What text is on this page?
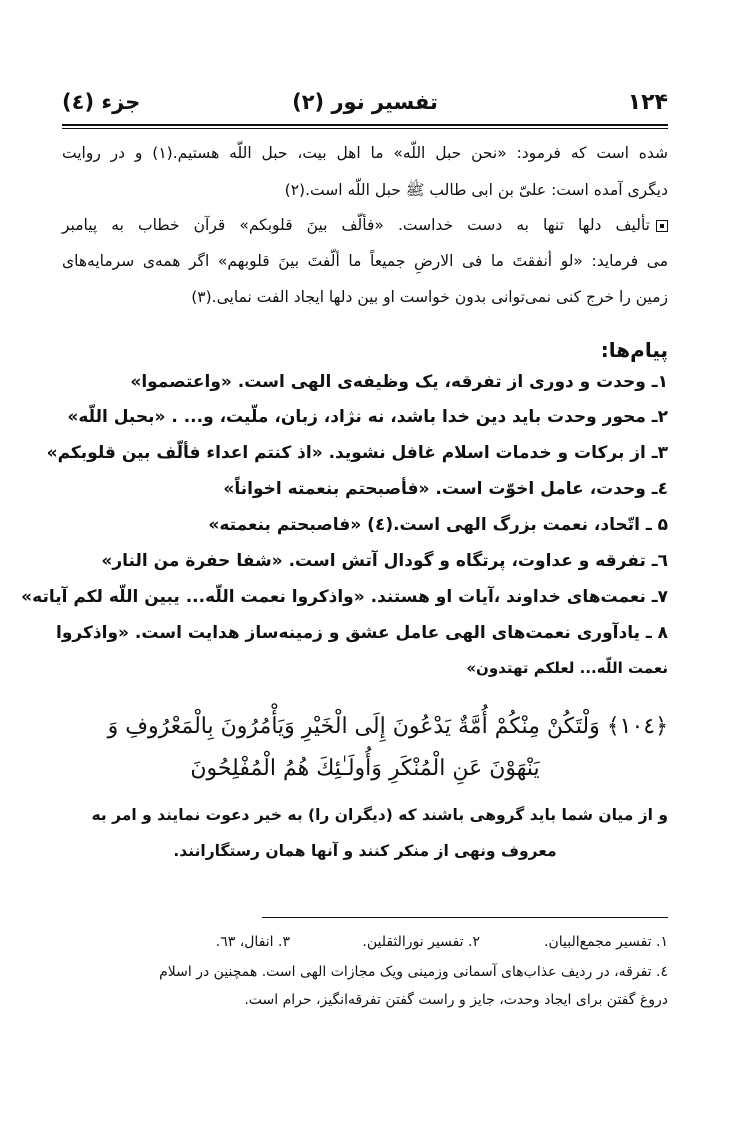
۱۲۴
تفسیر نور (۲)
جزء (٤)
شده است که فرمود: «نحن حبل اللّه» ما اهل بیت، حبل اللّه هستیم.(۱) و در روایت
دیگری آمده است: علیّ بن ابی طالب ﷺ حبل اللّه است.(۲)
تألیف دلها تنها به دست خداست. «فألّف بینَ قلوبکم» قرآن خطاب به پیامبر
می فرماید: «لو أنفقتَ ما فی الارضِ جمیعاً ما ألّفتَ بینَ قلوبهم» اگر همه‌ی سرمایه‌های
زمین را خرج کنی نمی‌توانی بدون خواست او بین دلها ایجاد الفت نمایی.(۳)
پیام‌ها:
۱ـ وحدت و دوری از تفرقه، یک وظیفه‌ی الهی است. «واعتصموا»
۲ـ محور وحدت باید دین خدا باشد، نه نژاد، زبان، ملّیت، و... . «بحبل اللّه»
۳ـ از برکات و خدمات اسلام غافل نشوید. «اذ کنتم اعداء فألّف بین قلوبکم»
٤ـ وحدت، عامل اخوّت است. «فأصبحتم بنعمته اخواناً»
۵ ـ اتّحاد، نعمت بزرگ الهی است.(٤) «فاصبحتم بنعمته»
٦ـ تفرقه و عداوت، پرتگاه و گودال آتش است. «شفا حفرة من النار»
۷ـ نعمت‌های خداوند ،آیات او هستند. «واذکروا نعمت اللّه... یبین اللّه لکم آیاته»
۸ ـ یادآوری نعمت‌های الهی عامل عشق و زمینه‌ساز هدایت است. «واذکروا
نعمت اللّه... لعلکم تهتدون»
﴿۱۰٤﴾ وَلْتَكُنْ مِنْكُمْ أُمَّةٌ يَدْعُونَ إِلَى الْخَيْرِ وَيَأْمُرُونَ بِالْمَعْرُوفِ وَ
يَنْهَوْنَ عَنِ الْمُنْكَرِ وَأُولَـٰئِكَ هُمُ الْمُفْلِحُونَ
و از میان شما باید گروهی باشند که (دیگران را) به خیر دعوت نمایند و امر به
معروف ونهی از منکر کنند و آنها همان رستگارانند.
۱. تفسیر مجمع‌البیان.
۲. تفسیر نورالثقلین.
۳. انفال، ٦۳.
٤. تفرقه، در ردیف عذاب‌های آسمانی وزمینی ویک مجازات الهی است. همچنین در اسلام
دروغ گفتن برای ایجاد وحدت، جایز و راست گفتن تفرقه‌انگیز، حرام است.
